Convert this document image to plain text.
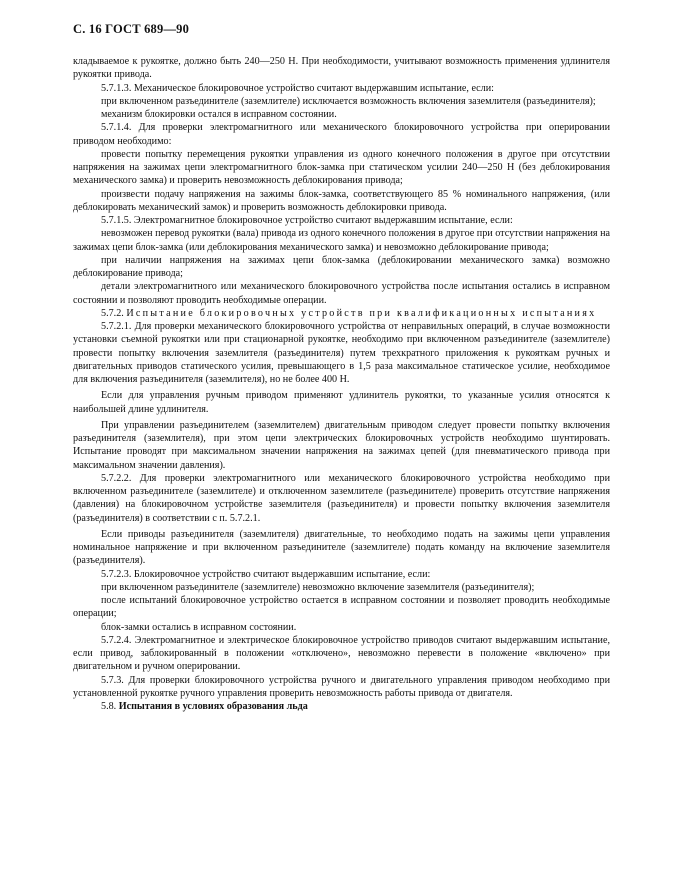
С. 16 ГОСТ 689—90

кладываемое к рукоятке, должно быть 240—250 Н. При необходимости, учитывают возможность применения удлинителя рукоятки привода.

5.7.1.3. Механическое блокировочное устройство считают выдержавшим испытание, если:

при включенном разъединителе (заземлителе) исключается возможность включения заземлителя (разъединителя);

механизм блокировки остался в исправном состоянии.

5.7.1.4. Для проверки электромагнитного или механического блокировочного устройства при оперировании приводом необходимо:

провести попытку перемещения рукоятки управления из одного конечного положения в другое при отсутствии напряжения на зажимах цепи электромагнитного блок-замка при статическом усилии 240—250 Н (без деблокирования механического замка) и проверить невозможность деблокирования привода;

произвести подачу напряжения на зажимы блок-замка, соответствующего 85 % номинального напряжения, (или деблокировать механический замок) и проверить возможность деблокировки привода.

5.7.1.5. Электромагнитное блокировочное устройство считают выдержавшим испытание, если:

невозможен перевод рукоятки (вала) привода из одного конечного положения в другое при отсутствии напряжения на зажимах цепи блок-замка (или деблокирования механического замка) и невозможно деблокирование привода;

при наличии напряжения на зажимах цепи блок-замка (деблокировании механического замка) возможно деблокирование привода;

детали электромагнитного или механического блокировочного устройства после испытания остались в исправном состоянии и позволяют проводить необходимые операции.

5.7.2. Испытание блокировочных устройств при квалификационных испытаниях

5.7.2.1. Для проверки механического блокировочного устройства от неправильных операций, в случае возможности установки съемной рукоятки или при стационарной рукоятке, необходимо при включенном разъединителе (заземлителе) провести попытку включения заземлителя (разъединителя) путем трехкратного приложения к рукояткам ручных и двигательных приводов статического усилия, превышающего в 1,5 раза максимальное статическое усилие, необходимое для включения разъединителя (заземлителя), но не более 400 Н.

Если для управления ручным приводом применяют удлинитель рукоятки, то указанные усилия относятся к наибольшей длине удлинителя.

При управлении разъединителем (заземлителем) двигательным приводом следует провести попытку включения разъединителя (заземлителя), при этом цепи электрических блокировочных устройств необходимо шунтировать. Испытание проводят при максимальном значении напряжения на зажимах цепей (для пневматического привода при максимальном значении давления).

5.7.2.2. Для проверки электромагнитного или механического блокировочного устройства необходимо при включенном разъединителе (заземлителе) и отключенном заземлителе (разъединителе) проверить отсутствие напряжения (давления) на блокировочном устройстве заземлителя (разъединителя) и провести попытку включения заземлителя (разъединителя) в соответствии с п. 5.7.2.1.

Если приводы разъединителя (заземлителя) двигательные, то необходимо подать на зажимы цепи управления номинальное напряжение и при включенном разъединителе (заземлителе) подать команду на включение заземлителя (разъединителя).

5.7.2.3. Блокировочное устройство считают выдержавшим испытание, если:

при включенном разъединителе (заземлителе) невозможно включение заземлителя (разъединителя);

после испытаний блокировочное устройство остается в исправном состоянии и позволяет проводить необходимые операции;

блок-замки остались в исправном состоянии.

5.7.2.4. Электромагнитное и электрическое блокировочное устройство приводов считают выдержавшим испытание, если привод, заблокированный в положении «отключено», невозможно перевести в положение «включено» при двигательном и ручном оперировании.

5.7.3. Для проверки блокировочного устройства ручного и двигательного управления приводом необходимо при установленной рукоятке ручного управления проверить невозможность работы привода от двигателя.

5.8. Испытания в условиях образования льда
